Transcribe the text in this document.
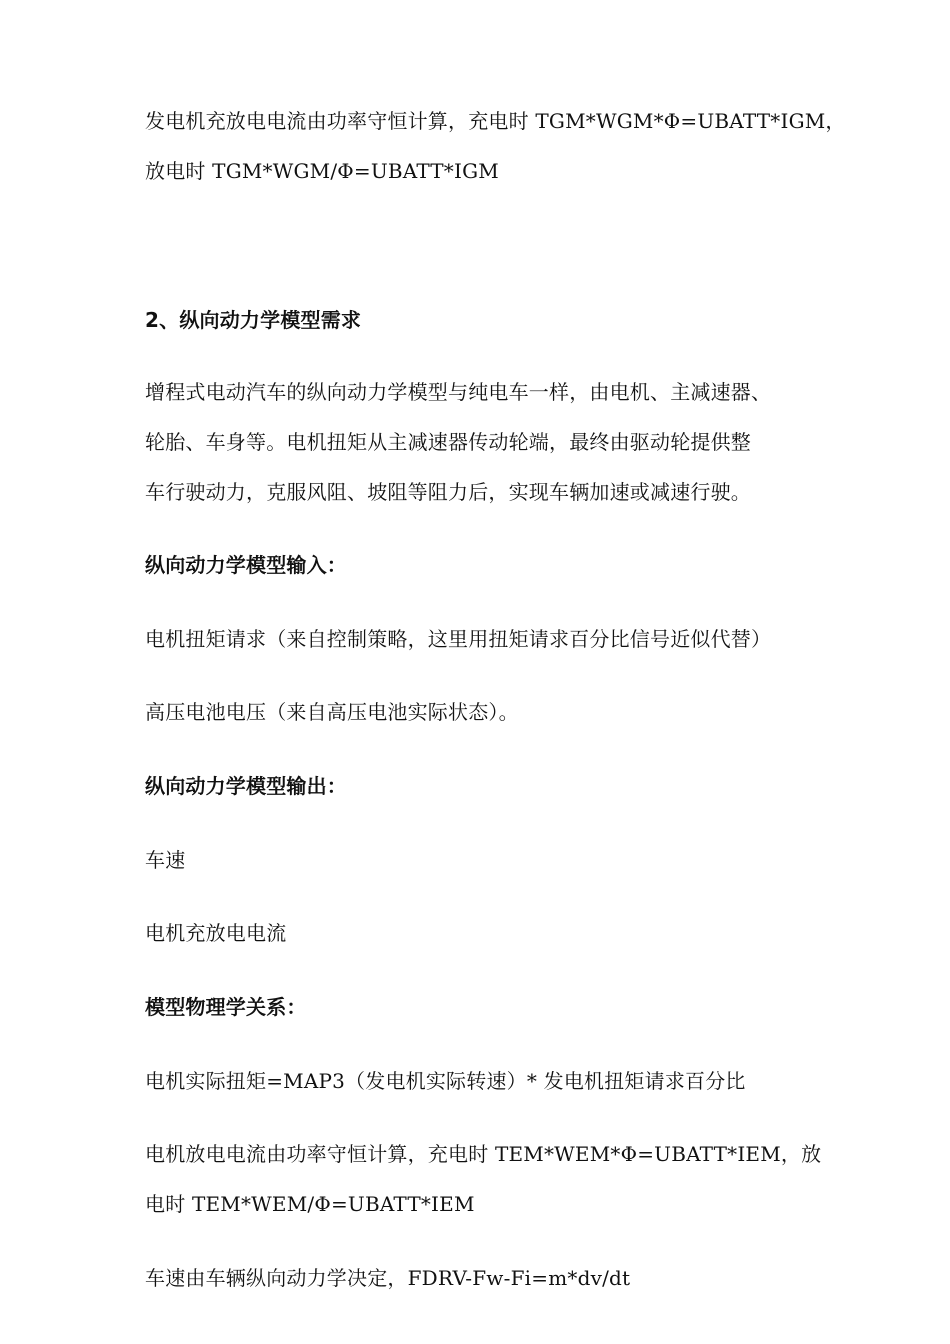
发电机充放电电流由功率守恒计算，充电时 TGM*WGM*Φ=UBATT*IGM，
放电时 TGM*WGM/Φ=UBATT*IGM
2、纵向动力学模型需求
增程式电动汽车的纵向动力学模型与纯电车一样，由电机、主减速器、
轮胎、车身等。电机扭矩从主减速器传动轮端，最终由驱动轮提供整
车行驶动力，克服风阻、坡阻等阻力后，实现车辆加速或减速行驶。
纵向动力学模型输入：
电机扭矩请求（来自控制策略，这里用扭矩请求百分比信号近似代替）
高压电池电压（来自高压电池实际状态）。
纵向动力学模型输出：
车速
电机充放电电流
模型物理学关系：
电机实际扭矩=MAP3（发电机实际转速）* 发电机扭矩请求百分比
电机放电电流由功率守恒计算，充电时 TEM*WEM*Φ=UBATT*IEM，放
电时 TEM*WEM/Φ=UBATT*IEM
车速由车辆纵向动力学决定，FDRV-Fw-Fi=m*dv/dt
